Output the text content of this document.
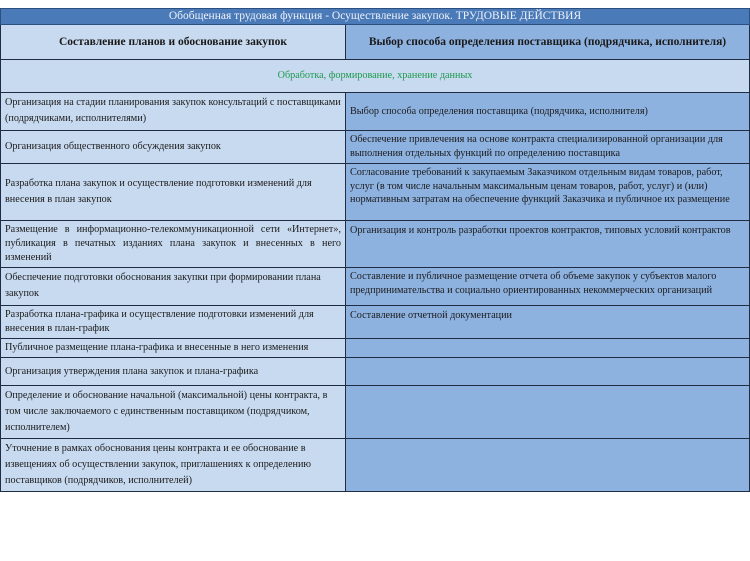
Обобщенная трудовая функция - Осуществление закупок. ТРУДОВЫЕ ДЕЙСТВИЯ	
Составление планов и обоснование закупок	Выбор способа определения поставщика (подрядчика, исполнителя)
Обработка, формирование, хранение данных	
Организация на стадии планирования закупок консультаций с поставщиками (подрядчиками, исполнителями)	Выбор способа определения поставщика (подрядчика, исполнителя)
Организация общественного обсуждения закупок	Обеспечение привлечения на основе контракта специализированной организации для выполнения отдельных функций по определению поставщика
Разработка плана закупок и осуществление подготовки изменений для внесения в план закупок	Согласование требований к закупаемым Заказчиком отдельным видам товаров, работ, услуг (в том числе начальным максимальным ценам товаров, работ, услуг) и (или) нормативным затратам на обеспечение функций Заказчика и публичное их размещение
Размещение в информационно-телекоммуникационной сети «Интернет», публикация в печатных изданиях плана закупок и внесенных в него изменений	Организация и контроль разработки проектов контрактов, типовых условий контрактов
Обеспечение подготовки обоснования закупки при формировании плана закупок	Составление и публичное размещение отчета об объеме закупок у субъектов малого предпринимательства и социально ориентированных некоммерческих организаций
Разработка плана-графика и осуществление подготовки изменений для внесения в план-график	Составление отчетной документации
Публичное размещение плана-графика и внесенные в него изменения	
Организация утверждения плана закупок и плана-графика	
Определение и обоснование начальной (максимальной) цены контракта, в том числе заключаемого с единственным поставщиком (подрядчиком, исполнителем)	
Уточнение в рамках обоснования цены контракта и ее обоснование в извещениях об осуществлении закупок, приглашениях к определению поставщиков (подрядчиков, исполнителей)	
